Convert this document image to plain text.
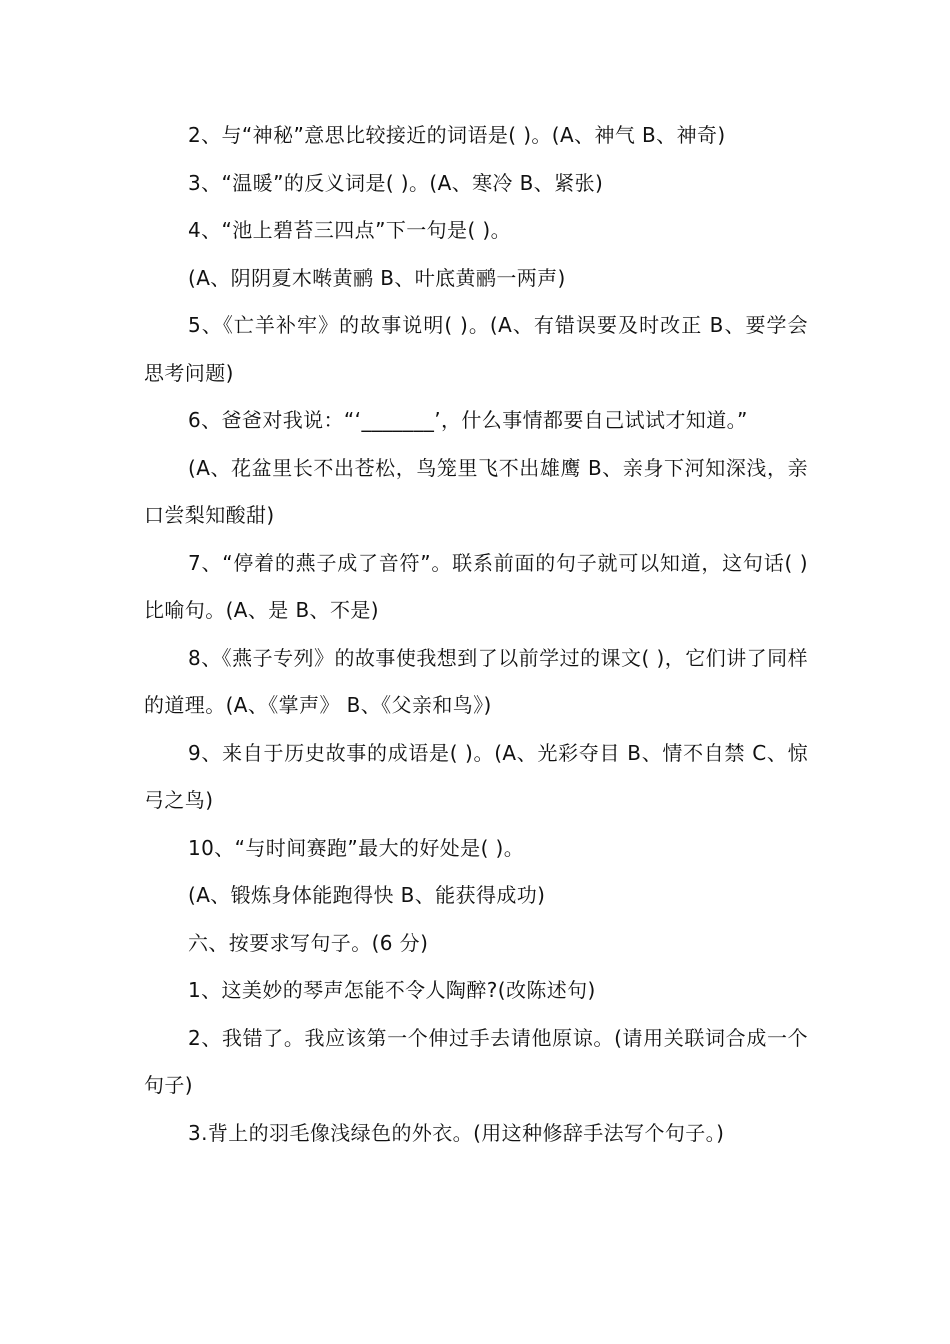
2、与“神秘”意思比较接近的词语是( )。(A、神气 B、神奇)

3、“温暖”的反义词是( )。(A、寒冷 B、紧张)

4、“池上碧苔三四点”下一句是( )。

(A、阴阴夏木啭黄鹂 B、叶底黄鹂一两声)

5、《亡羊补牢》的故事说明( )。(A、有错误要及时改正 B、要学会思考问题)

6、爸爸对我说：“‘_______’，什么事情都要自己试试才知道。”

(A、花盆里长不出苍松，鸟笼里飞不出雄鹰 B、亲身下河知深浅，亲口尝梨知酸甜)

7、“停着的燕子成了音符”。联系前面的句子就可以知道，这句话( )比喻句。(A、是 B、不是)

8、《燕子专列》的故事使我想到了以前学过的课文( )，它们讲了同样的道理。(A、《掌声》 B、《父亲和鸟》)

9、来自于历史故事的成语是( )。(A、光彩夺目 B、情不自禁 C、惊弓之鸟)

10、“与时间赛跑”最大的好处是( )。

(A、锻炼身体能跑得快 B、能获得成功)

六、按要求写句子。(6 分)

1、这美妙的琴声怎能不令人陶醉?(改陈述句)

2、我错了。我应该第一个伸过手去请他原谅。(请用关联词合成一个句子)

3.背上的羽毛像浅绿色的外衣。(用这种修辞手法写个句子。)
